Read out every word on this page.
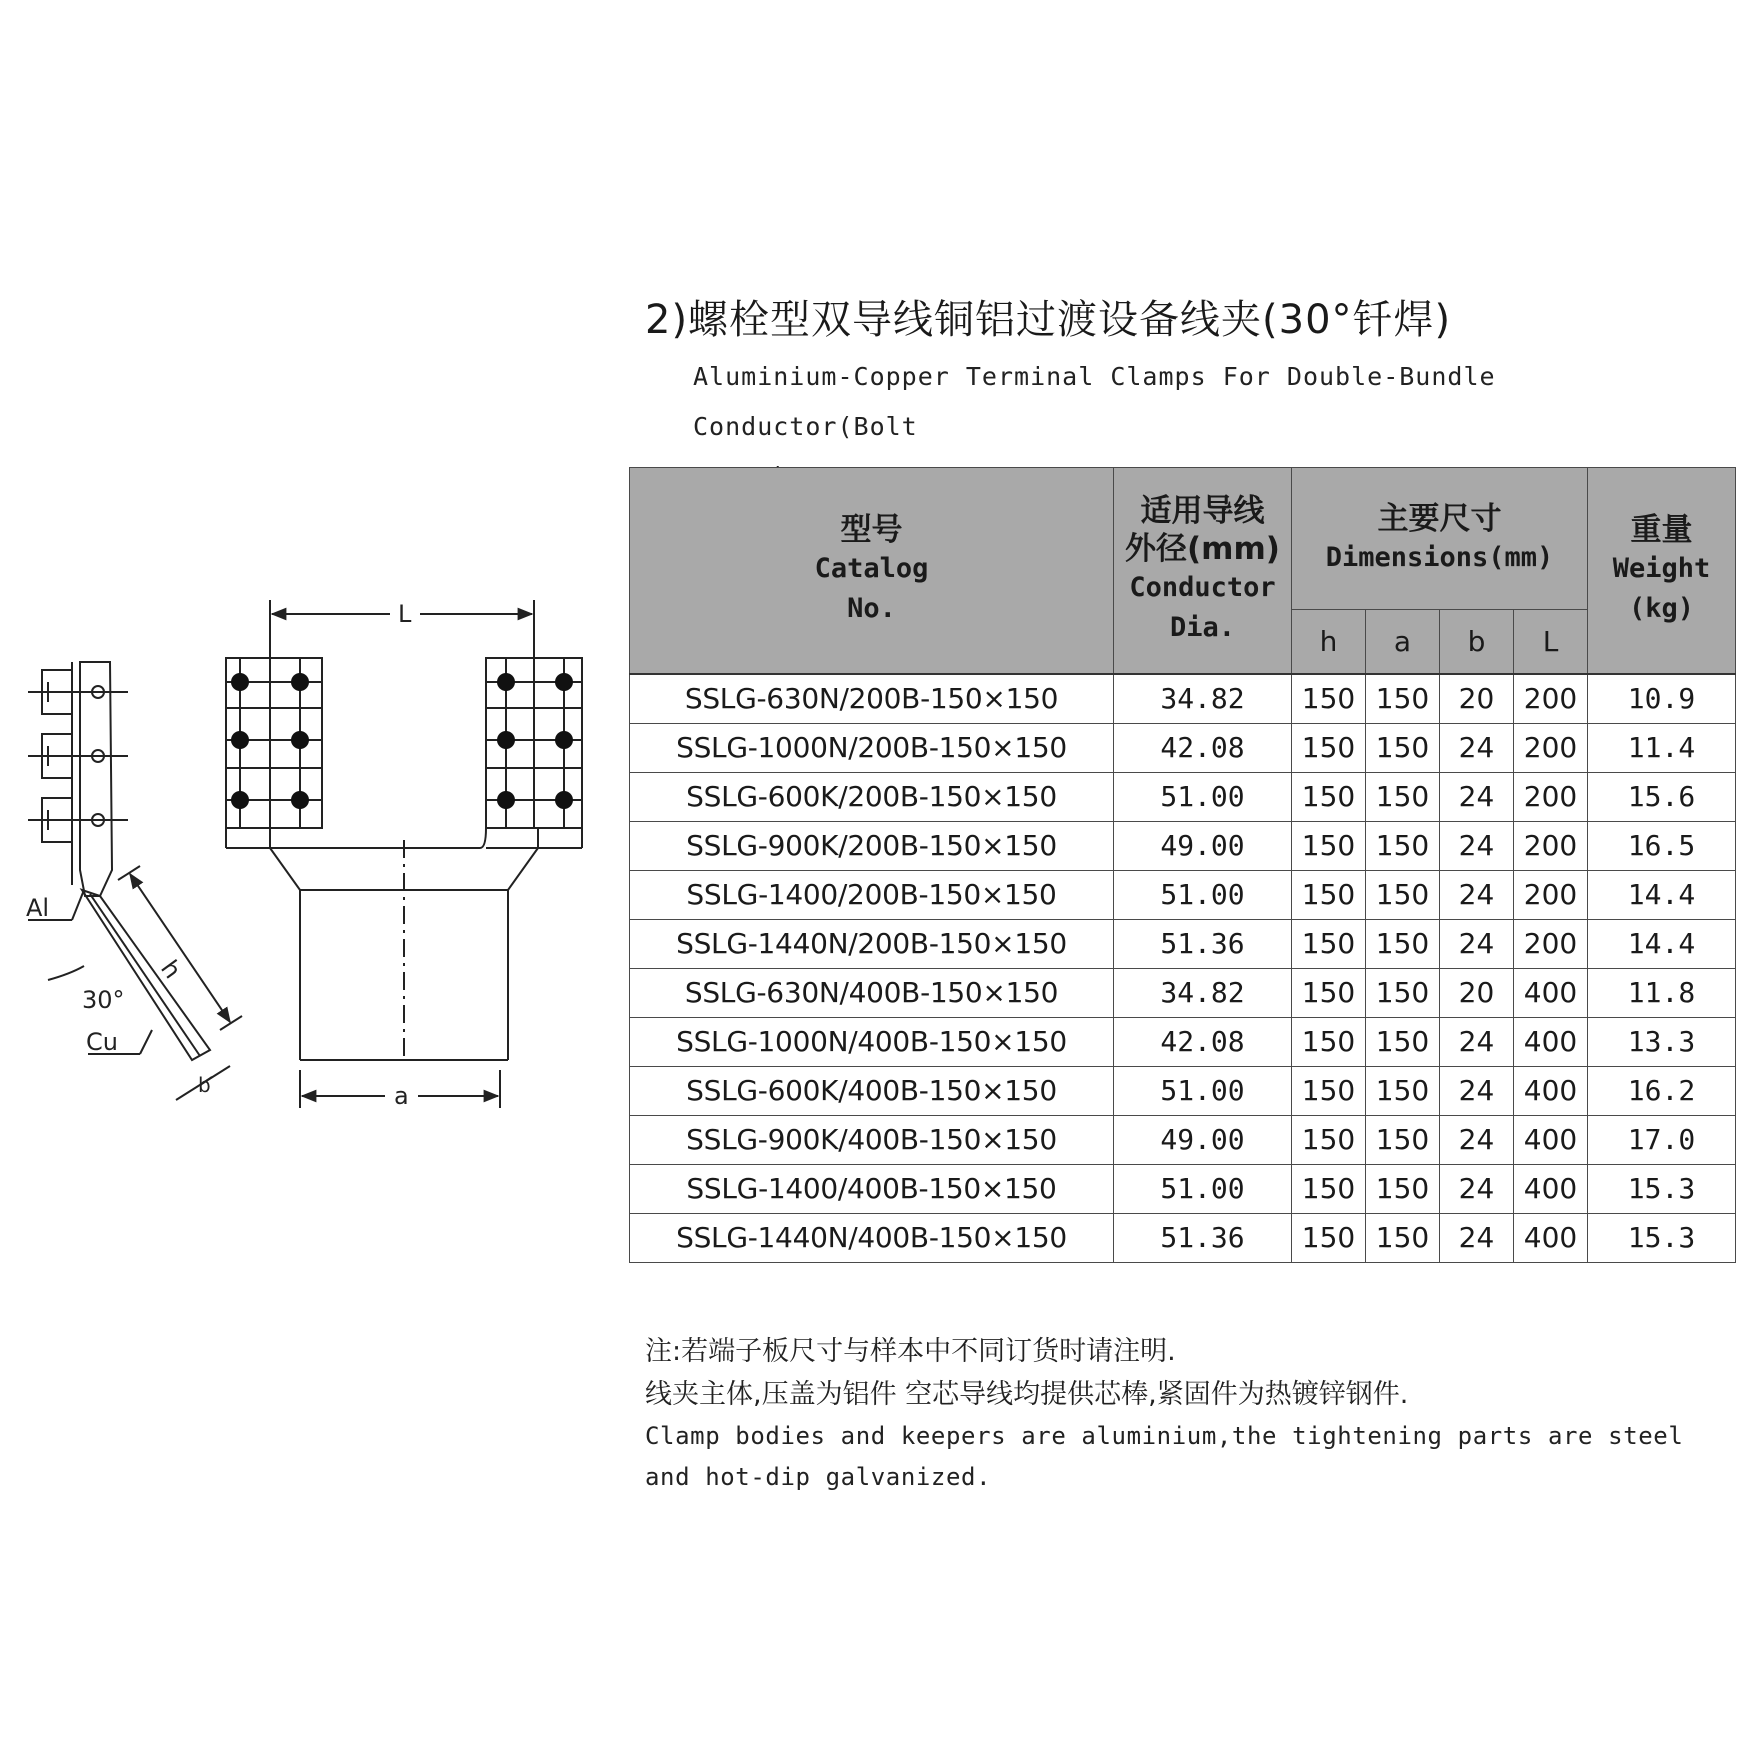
2)螺栓型双导线铜铝过渡设备线夹(30°钎焊)
Aluminium-Copper Terminal Clamps For Double-Bundle Conductor(Bolt
L
a
h
b
Al
Cu
30°
型号
Catalog
No.	适用导线
外径(mm)
Conductor
Dia.	主要尺寸
Dimensions(mm)				重量
Weight
(kg)

		h	a	b	L	
SSLG-630N/200B-150×150	34.82	150	150	20	200	10.9
SSLG-1000N/200B-150×150	42.08	150	150	24	200	11.4
SSLG-600K/200B-150×150	51.00	150	150	24	200	15.6
SSLG-900K/200B-150×150	49.00	150	150	24	200	16.5
SSLG-1400/200B-150×150	51.00	150	150	24	200	14.4
SSLG-1440N/200B-150×150	51.36	150	150	24	200	14.4
SSLG-630N/400B-150×150	34.82	150	150	20	400	11.8
SSLG-1000N/400B-150×150	42.08	150	150	24	400	13.3
SSLG-600K/400B-150×150	51.00	150	150	24	400	16.2
SSLG-900K/400B-150×150	49.00	150	150	24	400	17.0
SSLG-1400/400B-150×150	51.00	150	150	24	400	15.3
SSLG-1440N/400B-150×150	51.36	150	150	24	400	15.3
注:若端子板尺寸与样本中不同订货时请注明.
线夹主体,压盖为铝件 空芯导线均提供芯棒,紧固件为热镀锌钢件.
Clamp bodies and keepers are aluminium,the tightening parts are steel and hot-dip galvanized.
